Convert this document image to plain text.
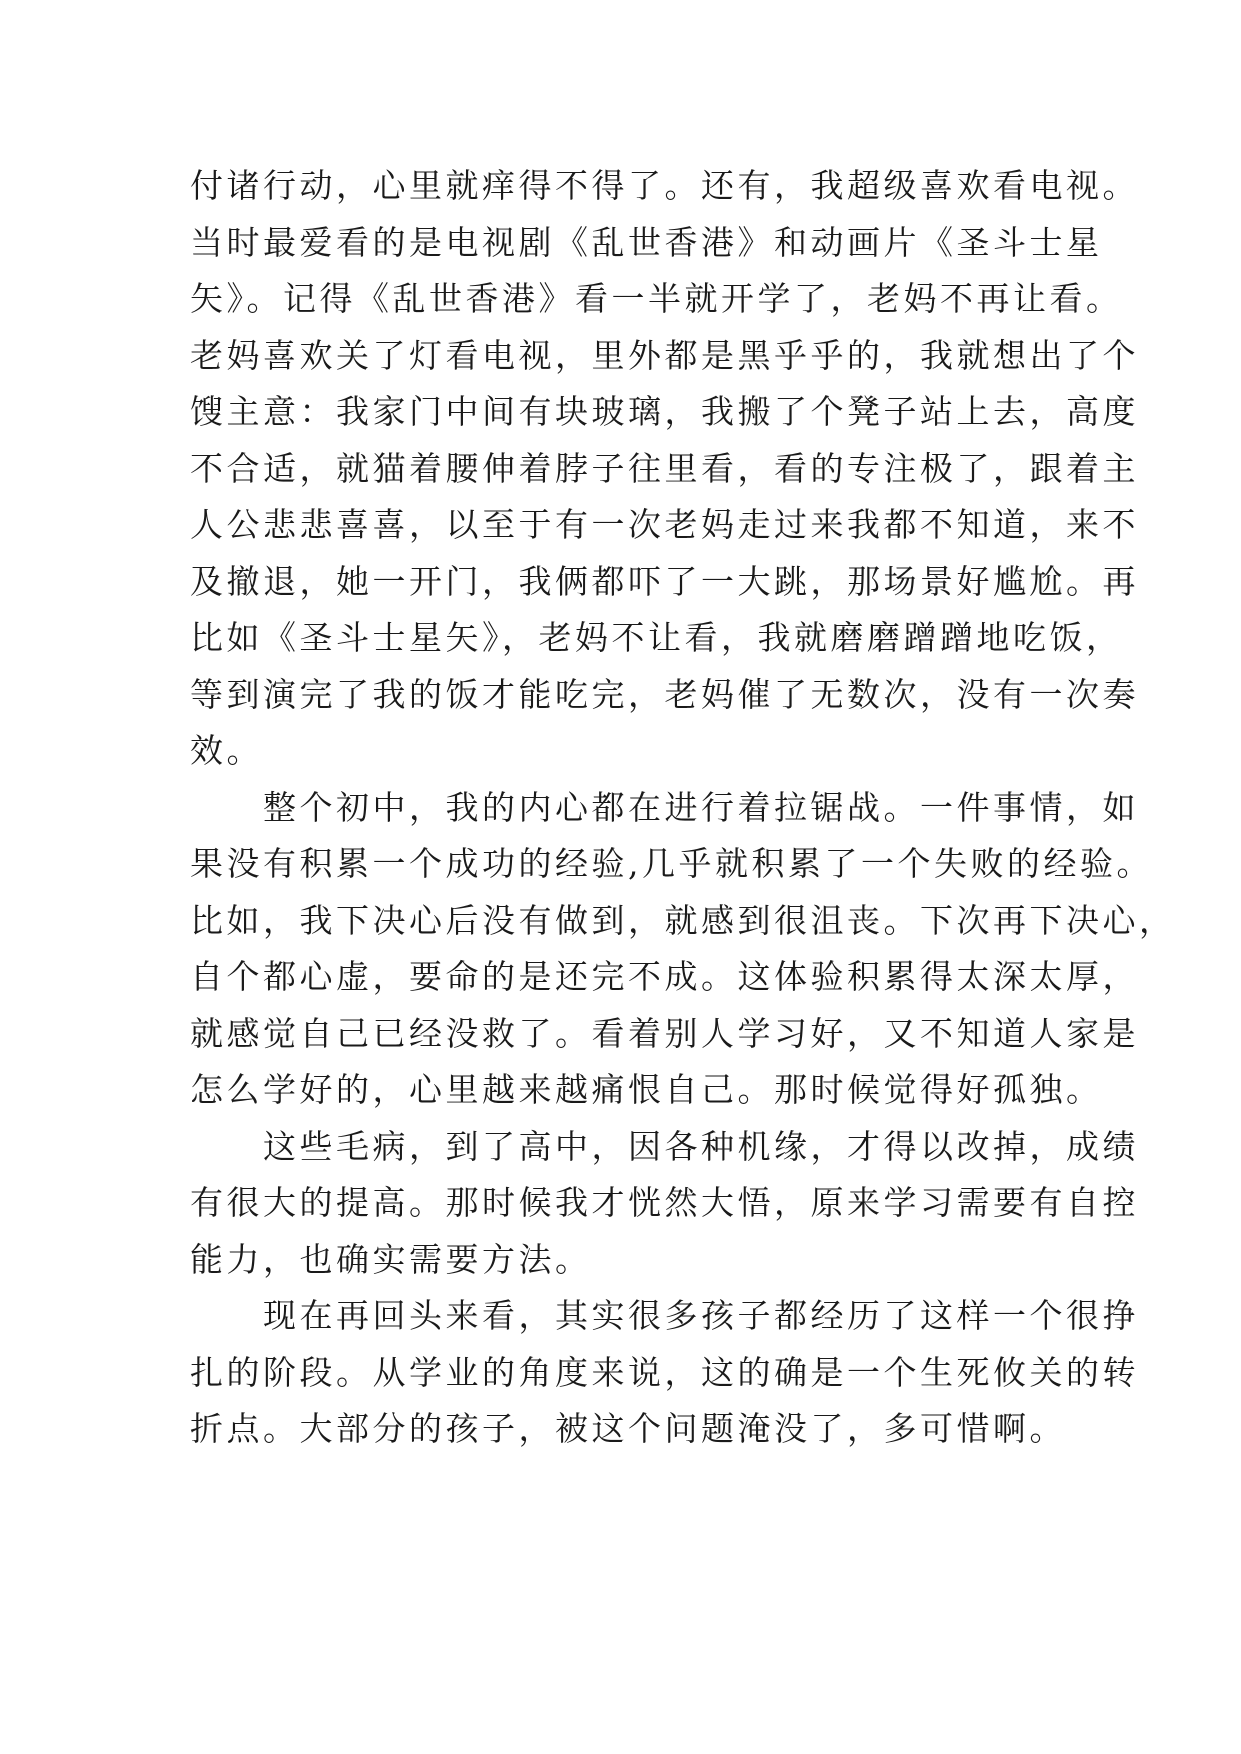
付诸行动，心里就痒得不得了。还有，我超级喜欢看电视。
当时最爱看的是电视剧《乱世香港》和动画片《圣斗士星
矢》。记得《乱世香港》看一半就开学了，老妈不再让看。
老妈喜欢关了灯看电视，里外都是黑乎乎的，我就想出了个
馊主意：我家门中间有块玻璃，我搬了个凳子站上去，高度
不合适，就猫着腰伸着脖子往里看，看的专注极了，跟着主
人公悲悲喜喜，以至于有一次老妈走过来我都不知道，来不
及撤退，她一开门，我俩都吓了一大跳，那场景好尴尬。再
比如《圣斗士星矢》，老妈不让看，我就磨磨蹭蹭地吃饭，
等到演完了我的饭才能吃完，老妈催了无数次，没有一次奏
效。
　　整个初中，我的内心都在进行着拉锯战。一件事情，如
果没有积累一个成功的经验,几乎就积累了一个失败的经验。
比如，我下决心后没有做到，就感到很沮丧。下次再下决心，
自个都心虚，要命的是还完不成。这体验积累得太深太厚，
就感觉自己已经没救了。看着别人学习好，又不知道人家是
怎么学好的，心里越来越痛恨自己。那时候觉得好孤独。
　　这些毛病，到了高中，因各种机缘，才得以改掉，成绩
有很大的提高。那时候我才恍然大悟，原来学习需要有自控
能力，也确实需要方法。
　　现在再回头来看，其实很多孩子都经历了这样一个很挣
扎的阶段。从学业的角度来说，这的确是一个生死攸关的转
折点。大部分的孩子，被这个问题淹没了，多可惜啊。
